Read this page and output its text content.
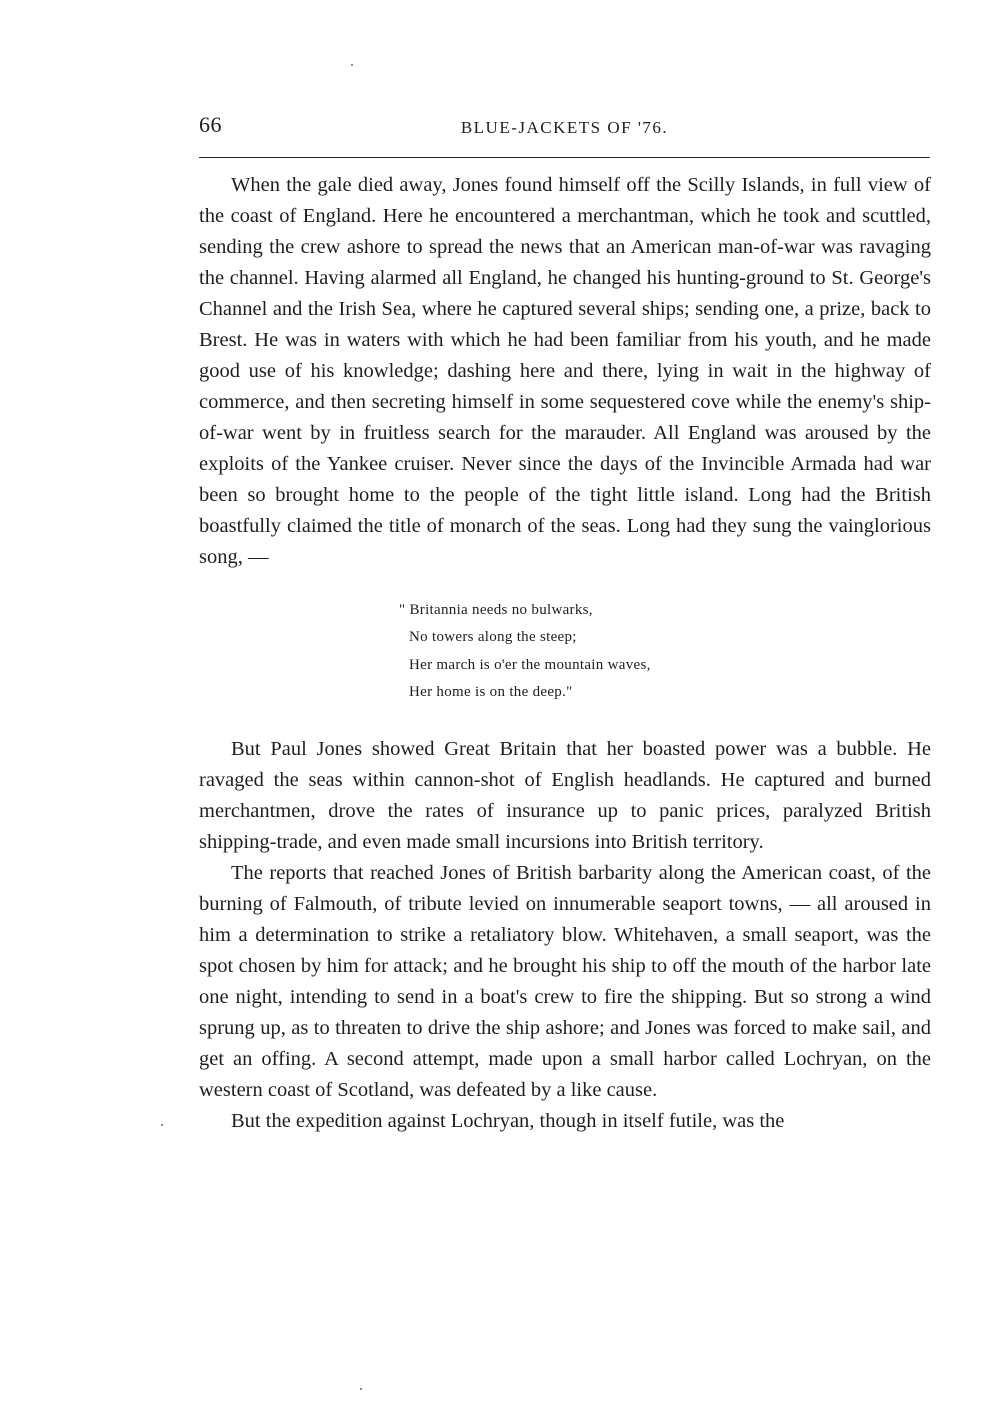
66	BLUE-JACKETS OF '76.

When the gale died away, Jones found himself off the Scilly Islands, in full view of the coast of England. Here he encountered a merchantman, which he took and scuttled, sending the crew ashore to spread the news that an American man-of-war was ravaging the channel. Having alarmed all England, he changed his hunting-ground to St. George's Channel and the Irish Sea, where he captured several ships; sending one, a prize, back to Brest. He was in waters with which he had been familiar from his youth, and he made good use of his knowledge; dashing here and there, lying in wait in the highway of commerce, and then secreting himself in some sequestered cove while the enemy's ship-of-war went by in fruitless search for the marauder. All England was aroused by the exploits of the Yankee cruiser. Never since the days of the Invincible Armada had war been so brought home to the people of the tight little island. Long had the British boastfully claimed the title of monarch of the seas. Long had they sung the vainglorious song, —

" Britannia needs no bulwarks,
No towers along the steep;
Her march is o'er the mountain waves,
Her home is on the deep."

But Paul Jones showed Great Britain that her boasted power was a bubble. He ravaged the seas within cannon-shot of English headlands. He captured and burned merchantmen, drove the rates of insurance up to panic prices, paralyzed British shipping-trade, and even made small incursions into British territory.

The reports that reached Jones of British barbarity along the American coast, of the burning of Falmouth, of tribute levied on innumerable seaport towns, — all aroused in him a determination to strike a retaliatory blow. Whitehaven, a small seaport, was the spot chosen by him for attack; and he brought his ship to off the mouth of the harbor late one night, intending to send in a boat's crew to fire the shipping. But so strong a wind sprung up, as to threaten to drive the ship ashore; and Jones was forced to make sail, and get an offing. A second attempt, made upon a small harbor called Lochryan, on the western coast of Scotland, was defeated by a like cause.

But the expedition against Lochryan, though in itself futile, was the
